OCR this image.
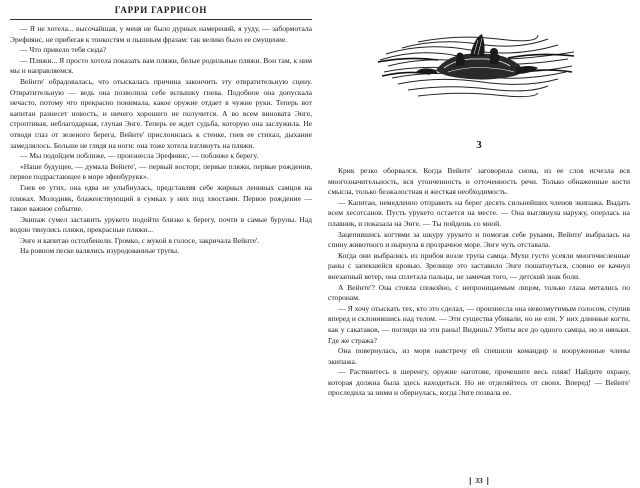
ГАРРИ ГАРРИСОН

— Я не хотела... высочайшая, у меня не было дурных намерений, я ууду, — забормотала Эрефиянс, не прибегая к тонкостям и пышным фразам: так велико было ее смущение.

— Что привело тебя сюда?

— Пляжи... Я просто хотела показать вам пляжи, белые родильные пляжи. Вон там, к ним мы и направляемся.

Вейнте' обрадовалась, что отыскалась причина закончить эту отвратительную сцену. Отвратительную — ведь она позволила себе вспышку гнева. Подобное она допускала нечасто, потому что прекрасно понимала, какое оружие отдает в чужие руки. Теперь вот капитан разнесет новость, и ничего хорошего не получится. А во всем виновата Энге, строптивая, неблагодарная, глупая Энге. Теперь ее ждет судьба, которую она заслужила. Не отводя глаз от зеленого берега, Вейнте' прислонилась к стенке, гнев ее стихал, дыхание замедлялось. Больше не глядя на ноги: она тоже хотела взглянуть на пляжи.

— Мы подойдем поближе, — произнесла Эрефиянс, — поближе к берегу.

«Наше будущее, — думала Вейнте', — первый восторг, первые пляжи, первые рождения, первое подрастающее в море эфенбурукк».

Гнев ее утих, она едва не улыбнулась, представляя себе жирных ленивых самцов на пляжах. Молодняк, блаженствующий в сумках у них под хвостами. Первое рождение — такое важное событие.

Экипаж сумел заставить урукето подойти близко к берегу, почти в самые буруны. Над водою тянулись пляжи, прекрасные пляжи...

Энге и капитан остолбенели. Громко, с мукой в голосе, закричала Вейнте'.

На ровном песке валялись изуродованные трупы.

3

Крик резко оборвался. Когда Вейнте' заговорила снова, из ее слов исчезла вся многозначительность, вся утонченность и отточенность речи. Только обнаженные кости смысла, только безжалостная и жесткая необходимость.

— Капитан, немедленно отправить на берег десять сильнейших членов экипажа. Выдать всем хесотсанов. Пусть урукето остается на месте. — Она выглянула наружу, оперлась на плавник, и показала на Энге. — Ты пойдешь со мной.

Зацепившись когтями за шкуру урукето и помогая себе руками, Вейнте' выбралась на спину животного и нырнула в прозрачное море. Энге чуть отставала.

Когда они выбрались из прибоя возле трупа самца. Мухи густо усеяли многочисленные раны с запекшейся кровью. Зрелище это заставило Энге пошатнуться, словно ее качнул внезапный ветер, она сплетала пальцы, не замечая того, — детский знак боли.

А Вейнте'? Она стояла спокойно, с непроницаемым лицом, только глаза метались по сторонам.

— Я хочу отыскать тех, кто это сделал, — произнесла она невозмутимым голосом, ступив вперед и склонившись над телом. — Эти существа убивали, но не ели. У них длинные когти, как у сакатаков, — погляди на эти раны! Видишь? Убиты все до одного самцы, но и няньки. Где же стража?

Она повернулась, из моря навстречу ей спешили командир и вооруженные члены экипажа.

— Растянитесь в шеренгу, оружие наготове, прочешите весь пляж! Найдите охрану, которая должна была здесь находиться. Но не отделяйтесь от своих. Вперед! — Вейнте' проследила за ними и обернулась, когда Энге позвала ее.

❘ 33 ❘
